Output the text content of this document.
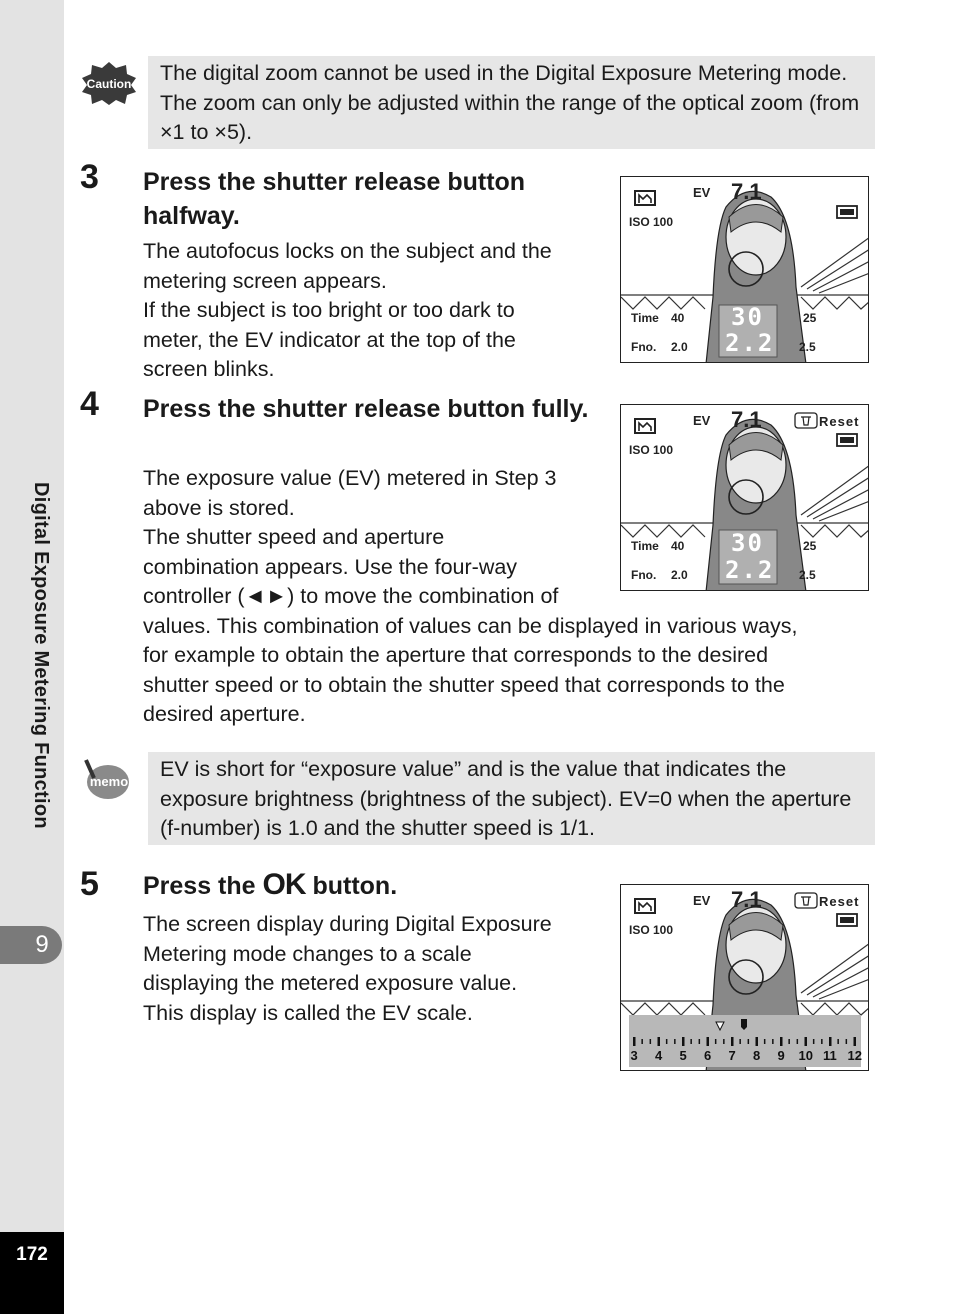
Digital Exposure Metering Function
9
172
Caution	The digital zoom cannot be used in the Digital Exposure Metering mode. The zoom can only be adjusted within the range of the optical zoom (from ×1 to ×5).
3 Press the shutter release button halfway.
The autofocus locks on the subject and the
metering screen appears.
If the subject is too bright or too dark to
meter, the EV indicator at the top of the
screen blinks.
EV 7.1
ISO 100
Time 40	25
Fno. 2.0	2.5
30
2.2
4 Press the shutter release button fully.
The exposure value (EV) metered in Step 3
above is stored.
The shutter speed and aperture
combination appears. Use the four-way
controller (◄►) to move the combination of
values. This combination of values can be displayed in various ways,
for example to obtain the aperture that corresponds to the desired
shutter speed or to obtain the shutter speed that corresponds to the
desired aperture.
EV 7.1	Reset
ISO 100
Time 40	25
Fno. 2.0	2.5
30
2.2
memo
EV is short for “exposure value” and is the value that indicates the exposure brightness (brightness of the subject). EV=0 when the aperture (f-number) is 1.0 and the shutter speed is 1/1.
5 Press the OK button.
The screen display during Digital Exposure
Metering mode changes to a scale
displaying the metered exposure value.
This display is called the EV scale.
EV 7.1	Reset
ISO 100
3 4 5 6 7 8 9 10 11 12
